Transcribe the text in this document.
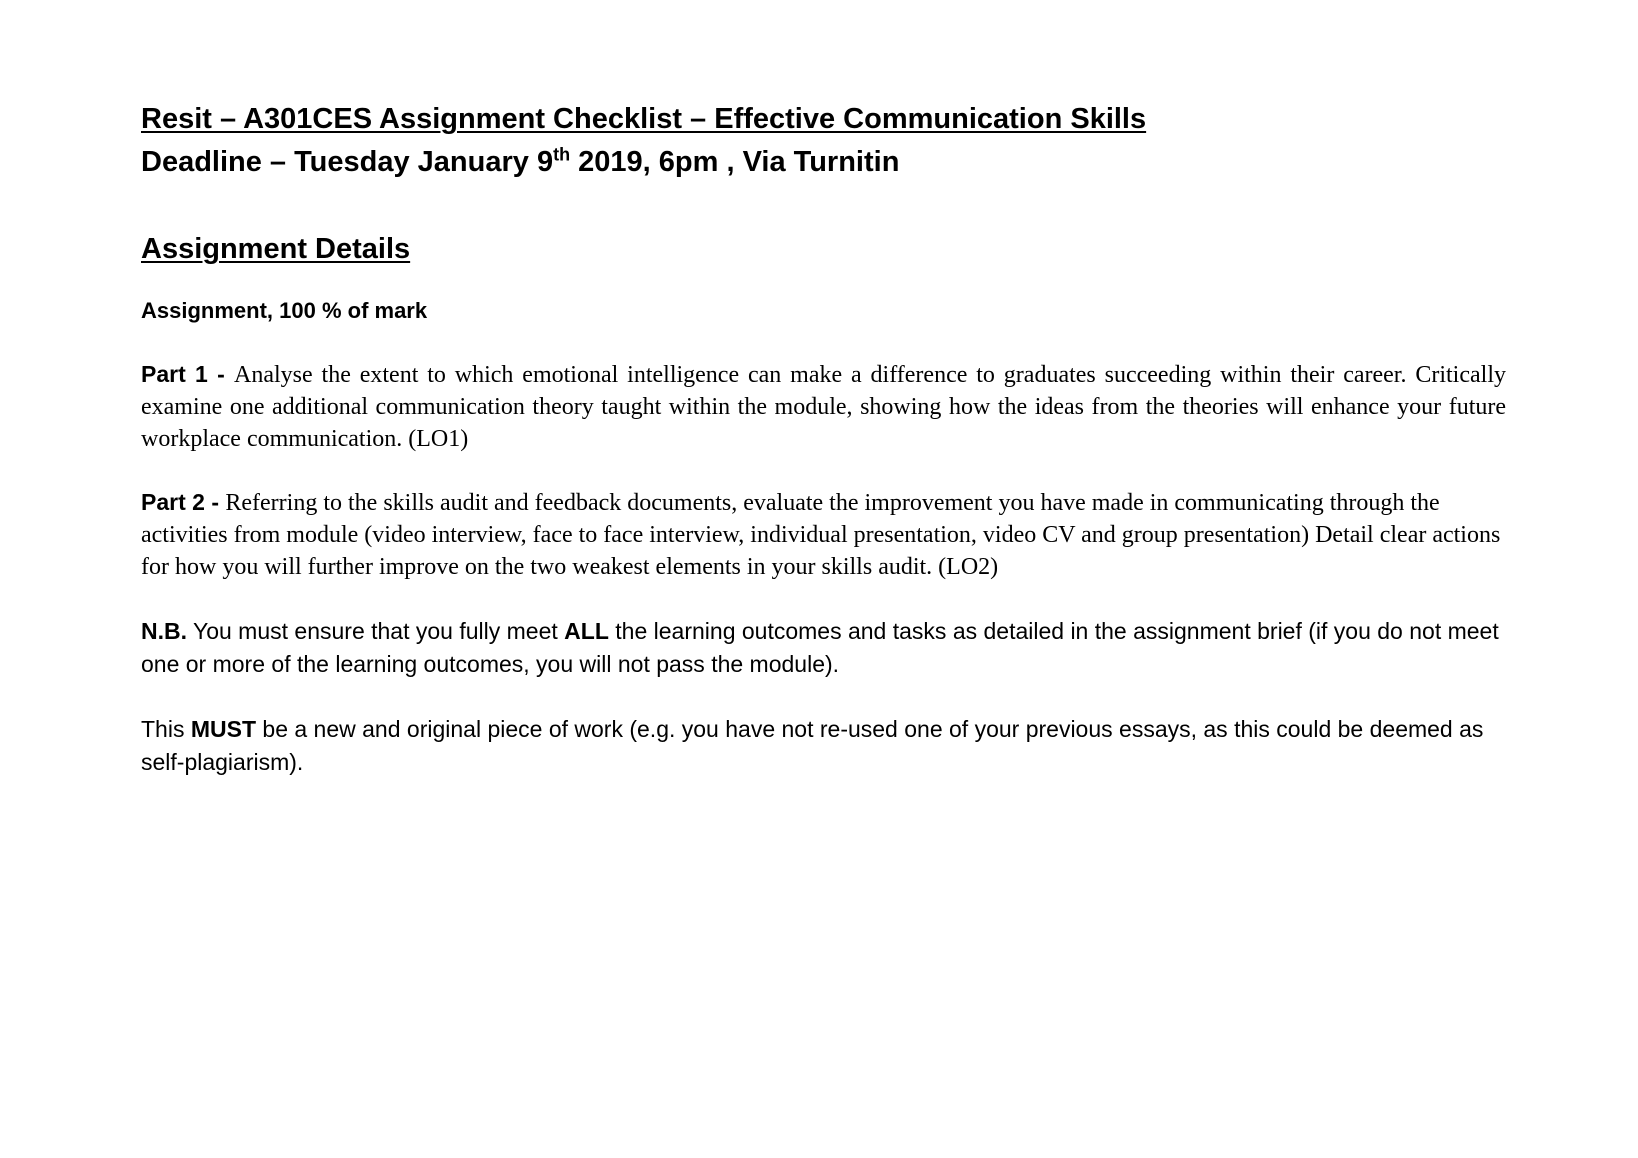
Resit – A301CES Assignment Checklist – Effective Communication Skills

Deadline – Tuesday January 9th 2019, 6pm , Via Turnitin

Assignment Details

Assignment, 100 % of mark

Part 1 - Analyse the extent to which emotional intelligence can make a difference to graduates succeeding within their career. Critically examine one additional communication theory taught within the module, showing how the ideas from the theories will enhance your future workplace communication. (LO1)

Part 2 - Referring to the skills audit and feedback documents, evaluate the improvement you have made in communicating through the activities from module (video interview, face to face interview, individual presentation, video CV and group presentation) Detail clear actions for how you will further improve on the two weakest elements in your skills audit. (LO2)

N.B. You must ensure that you fully meet ALL the learning outcomes and tasks as detailed in the assignment brief (if you do not meet one or more of the learning outcomes, you will not pass the module).

This MUST be a new and original piece of work (e.g. you have not re-used one of your previous essays, as this could be deemed as self-plagiarism).
